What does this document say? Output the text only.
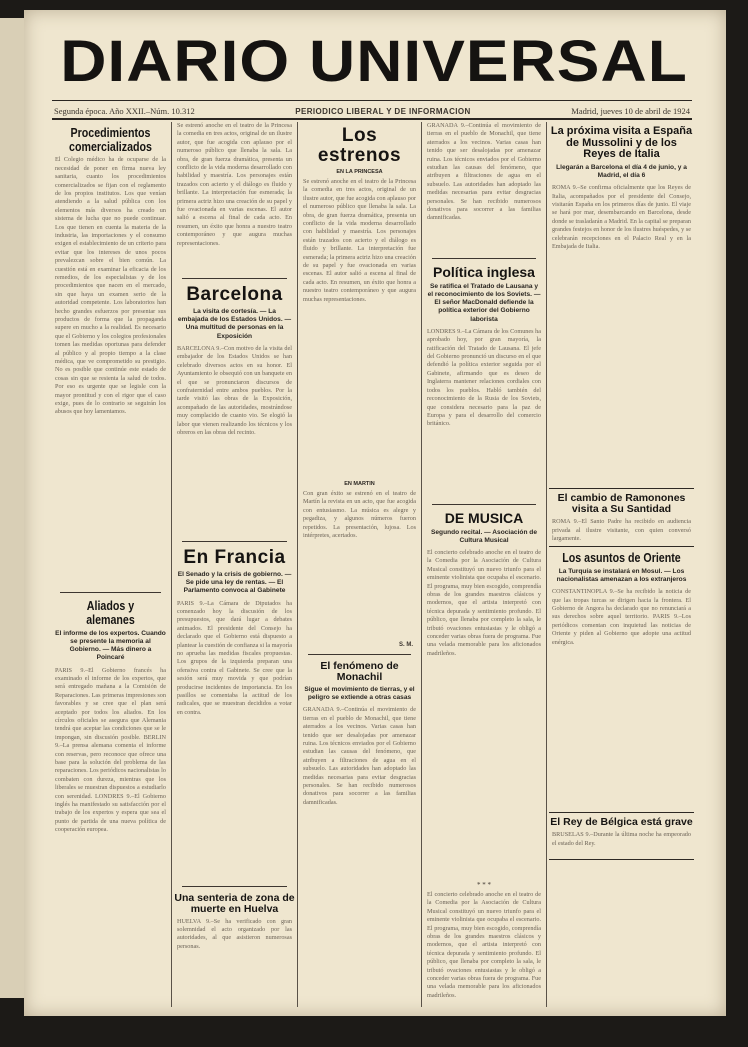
DIARIO UNIVERSAL
Segunda época. Año XXII.–Núm. 10.312	PERIODICO LIBERAL Y DE INFORMACION	Madrid, jueves 10 de abril de 1924
Procedimientos comercializados
El Colegio médico ha de ocuparse de la necesidad de poner en firma nueva ley sanitaria, cuanto los procedimientos comercializados se fijan con el reglamento de los propios institutos. Los que venían atendiendo a la salud pública con los elementos más diversos ha creado un sistema de lucha que no puede continuar. Los que tienen en cuenta la materia de la industria, las importaciones y el consumo exigen el establecimiento de un criterio para evitar que los intereses de unos pocos prevalezcan sobre el bien común. La cuestión está en examinar la eficacia de los remedios, de los especialistas y de los procedimientos que nacen en el mercado, sin que haya un examen serio de la autoridad competente. Los laboratorios han hecho grandes esfuerzos por presentar sus productos de forma que la propaganda supere en mucho a la realidad. Es necesario que el Gobierno y los colegios profesionales tomen las medidas oportunas para defender al público y al propio tiempo a la clase médica, que ve comprometido su prestigio. No es posible que continúe este estado de cosas sin que se resienta la salud de todos. Por eso es urgente que se legisle con la mayor prontitud y con el rigor que el caso exige, pues de lo contrario se seguirán los abusos que hoy lamentamos.
Aliados y alemanes
El informe de los expertos. Cuando se presente la memoria al Gobierno. — Más dinero a Poincaré
PARIS 9.–El Gobierno francés ha examinado el informe de los expertos, que será entregado mañana a la Comisión de Reparaciones. Las primeras impresiones son favorables y se cree que el plan será aceptado por todos los aliados. En los círculos oficiales se asegura que Alemania tendrá que aceptar las condiciones que se le impongan, sin discusión posible. BERLIN 9.–La prensa alemana comenta el informe con reservas, pero reconoce que ofrece una base para la solución del problema de las reparaciones. Los periódicos nacionalistas lo combaten con dureza, mientras que los liberales se muestran dispuestos a estudiarlo con serenidad. LONDRES 9.–El Gobierno inglés ha manifestado su satisfacción por el trabajo de los expertos y espera que sea el punto de partida de una nueva política de cooperación europea.
Se estrenó anoche en el teatro de la Princesa la comedia en tres actos, original de un ilustre autor, que fue acogida con aplauso por el numeroso público que llenaba la sala. La obra, de gran fuerza dramática, presenta un conflicto de la vida moderna desarrollado con habilidad y maestría. Los personajes están trazados con acierto y el diálogo es fluido y brillante. La interpretación fue esmerada; la primera actriz hizo una creación de su papel y fue ovacionada en varias escenas. El autor salió a escena al final de cada acto. En resumen, un éxito que honra a nuestro teatro contemporáneo y que augura muchas representaciones.
Barcelona
La visita de cortesía. — La embajada de los Estados Unidos. — Una multitud de personas en la Exposición
BARCELONA 9.–Con motivo de la visita del embajador de los Estados Unidos se han celebrado diversos actos en su honor. El Ayuntamiento le obsequió con un banquete en el que se pronunciaron discursos de confraternidad entre ambos pueblos. Por la tarde visitó las obras de la Exposición, acompañado de las autoridades, mostrándose muy complacido de cuanto vio. Se elogió la labor que vienen realizando los técnicos y los obreros en las obras del recinto.
En Francia
El Senado y la crisis de gobierno. — Se pide una ley de rentas. — El Parlamento convoca al Gabinete
PARIS 9.–La Cámara de Diputados ha comenzado hoy la discusión de los presupuestos, que dará lugar a debates animados. El presidente del Consejo ha declarado que el Gobierno está dispuesto a plantear la cuestión de confianza si la mayoría no aprueba las medidas fiscales propuestas. Los grupos de la izquierda preparan una ofensiva contra el Gabinete. Se cree que la sesión será muy movida y que podrían producirse incidentes de importancia. En los pasillos se comentaba la actitud de los radicales, que se muestran decididos a votar en contra.
Una senteria de zona de muerte en Huelva
HUELVA 9.–Se ha verificado con gran solemnidad el acto organizado por las autoridades, al que asistieron numerosas personas.
Los estrenos
EN LA PRINCESA
Se estrenó anoche en el teatro de la Princesa la comedia en tres actos, original de un ilustre autor, que fue acogida con aplauso por el numeroso público que llenaba la sala. La obra, de gran fuerza dramática, presenta un conflicto de la vida moderna desarrollado con habilidad y maestría. Los personajes están trazados con acierto y el diálogo es fluido y brillante. La interpretación fue esmerada; la primera actriz hizo una creación de su papel y fue ovacionada en varias escenas. El autor salió a escena al final de cada acto. En resumen, un éxito que honra a nuestro teatro contemporáneo y que augura muchas representaciones.
EN MARTIN
Con gran éxito se estrenó en el teatro de Martín la revista en un acto, que fue acogida con entusiasmo. La música es alegre y pegadiza, y algunos números fueron repetidos. La presentación, lujosa. Los intérpretes, acertados.
S. M.
El fenómeno de Monachil
Sigue el movimiento de tierras, y el peligro se extiende a otras casas
GRANADA 9.–Continúa el movimiento de tierras en el pueblo de Monachil, que tiene aterrados a los vecinos. Varias casas han tenido que ser desalojadas por amenazar ruina. Los técnicos enviados por el Gobierno estudian las causas del fenómeno, que atribuyen a filtraciones de agua en el subsuelo. Las autoridades han adoptado las medidas necesarias para evitar desgracias personales. Se han recibido numerosos donativos para socorrer a las familias damnificadas.
GRANADA 9.–Continúa el movimiento de tierras en el pueblo de Monachil, que tiene aterrados a los vecinos. Varias casas han tenido que ser desalojadas por amenazar ruina. Los técnicos enviados por el Gobierno estudian las causas del fenómeno, que atribuyen a filtraciones de agua en el subsuelo. Las autoridades han adoptado las medidas necesarias para evitar desgracias personales. Se han recibido numerosos donativos para socorrer a las familias damnificadas.
Política inglesa
Se ratifica el Tratado de Lausana y el reconocimiento de los Soviets. — El señor MacDonald defiende la política exterior del Gobierno laborista
LONDRES 9.–La Cámara de los Comunes ha aprobado hoy, por gran mayoría, la ratificación del Tratado de Lausana. El jefe del Gobierno pronunció un discurso en el que defendió la política exterior seguida por el Gabinete, afirmando que es deseo de Inglaterra mantener relaciones cordiales con todos los pueblos. Habló también del reconocimiento de la Rusia de los Soviets, que considera necesario para la paz de Europa y para el desarrollo del comercio británico.
DE MUSICA
Segundo recital. — Asociación de Cultura Musical
El concierto celebrado anoche en el teatro de la Comedia por la Asociación de Cultura Musical constituyó un nuevo triunfo para el eminente violinista que ocupaba el escenario. El programa, muy bien escogido, comprendía obras de los grandes maestros clásicos y modernos, que el artista interpretó con técnica depurada y sentimiento profundo. El público, que llenaba por completo la sala, le tributó ovaciones entusiastas y le obligó a conceder varias obras fuera de programa. Fue una velada memorable para los aficionados madrileños.
* * *
El concierto celebrado anoche en el teatro de la Comedia por la Asociación de Cultura Musical constituyó un nuevo triunfo para el eminente violinista que ocupaba el escenario. El programa, muy bien escogido, comprendía obras de los grandes maestros clásicos y modernos, que el artista interpretó con técnica depurada y sentimiento profundo. El público, que llenaba por completo la sala, le tributó ovaciones entusiastas y le obligó a conceder varias obras fuera de programa. Fue una velada memorable para los aficionados madrileños.
La próxima visita a España de Mussolini y de los Reyes de Italia
Llegarán a Barcelona el día 4 de junio, y a Madrid, el día 6
ROMA 9.–Se confirma oficialmente que los Reyes de Italia, acompañados por el presidente del Consejo, visitarán España en los primeros días de junio. El viaje se hará por mar, desembarcando en Barcelona, desde donde se trasladarán a Madrid. En la capital se preparan grandes festejos en honor de los ilustres huéspedes, y se celebrarán recepciones en el Palacio Real y en la Embajada de Italia.
El cambio de Ramonones visita a Su Santidad
ROMA 9.–El Santo Padre ha recibido en audiencia privada al ilustre visitante, con quien conversó largamente.
Los asuntos de Oriente
La Turquía se instalará en Mosul. — Los nacionalistas amenazan a los extranjeros
CONSTANTINOPLA 9.–Se ha recibido la noticia de que las tropas turcas se dirigen hacia la frontera. El Gobierno de Angora ha declarado que no renunciará a sus derechos sobre aquel territorio. PARIS 9.–Los periódicos comentan con inquietud las noticias de Oriente y piden al Gobierno que adopte una actitud enérgica.
El Rey de Bélgica está grave
BRUSELAS 9.–Durante la última noche ha empeorado el estado del Rey.
